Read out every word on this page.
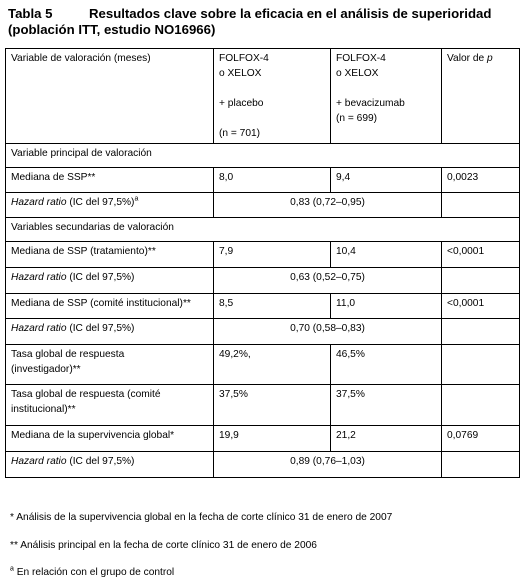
Tabla 5	Resultados clave sobre la eficacia en el análisis de superioridad
(población ITT, estudio NO16966)
Variable de valoración (meses)	FOLFOX-4
o XELOX
+ placebo
(n = 701)	FOLFOX-4
o XELOX
+ bevacizumab
(n = 699)	Valor de p
Variable principal de valoración			
Mediana de SSP**	8,0	9,4	0,0023
Hazard ratio (IC del 97,5%)$^a$	0,83 (0,72–0,95)		
Variables secundarias de valoración			
Mediana de SSP (tratamiento)**	7,9	10,4	<0,0001
Hazard ratio (IC del 97,5%)	0,63 (0,52–0,75)		
Mediana de SSP (comité institucional)**	8,5	11,0	<0,0001
Hazard ratio (IC del 97,5%)	0,70 (0,58–0,83)		

Tasa global de respuesta
(investigador)**	49,2%,	46,5%	

Tasa global de respuesta (comité
institucional)**	37,5%	37,5%	
Mediana de la supervivencia global*	19,9	21,2	0,0769
Hazard ratio (IC del 97,5%)	0,89 (0,76–1,03)		
* Análisis de la supervivencia global en la fecha de corte clínico 31 de enero de 2007
** Análisis principal en la fecha de corte clínico 31 de enero de 2006
$^a$ En relación con el grupo de control
